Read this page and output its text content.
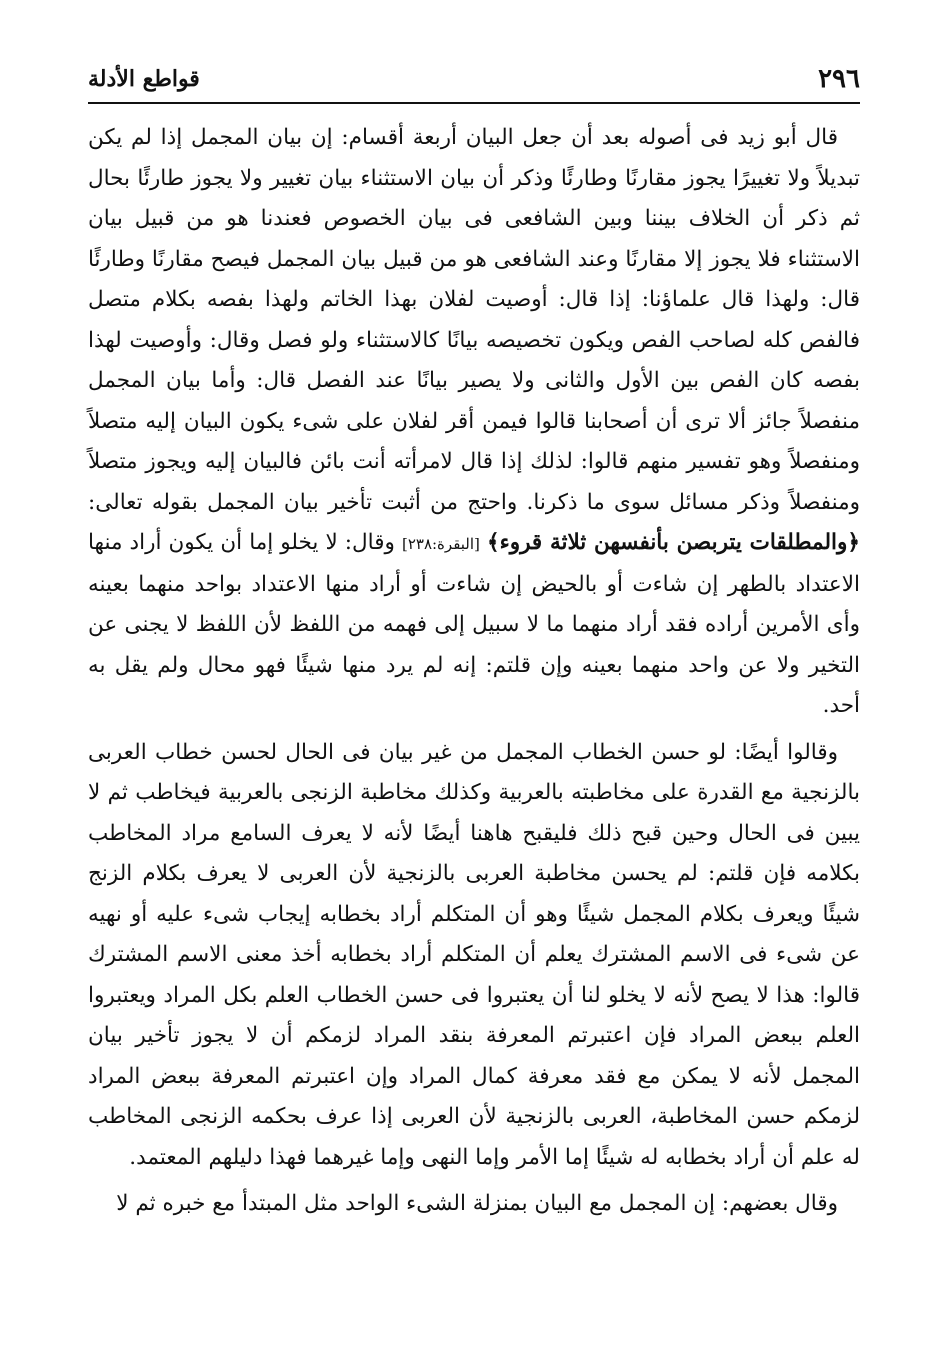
٢٩٦
قواطع الأدلة

قال أبو زيد فى أصوله بعد أن جعل البيان أربعة أقسام: إن بيان المجمل إذا لم يكن تبديلاً ولا تغييرًا يجوز مقارنًا وطارئًا وذكر أن بيان الاستثناء بيان تغيير ولا يجوز طارئًا بحال ثم ذكر أن الخلاف بيننا وبين الشافعى فى بيان الخصوص فعندنا هو من قبيل بيان الاستثناء فلا يجوز إلا مقارنًا وعند الشافعى هو من قبيل بيان المجمل فيصح مقارنًا وطارئًا قال: ولهذا قال علماؤنا: إذا قال: أوصيت لفلان بهذا الخاتم ولهذا بفصه بكلام متصل فالفص كله لصاحب الفص ويكون تخصيصه بيانًا كالاستثناء ولو فصل وقال: وأوصيت لهذا بفصه كان الفص بين الأول والثانى ولا يصير بيانًا عند الفصل قال: وأما بيان المجمل منفصلاً جائز ألا ترى أن أصحابنا قالوا فيمن أقر لفلان على شىء يكون البيان إليه متصلاً ومنفصلاً وهو تفسير منهم قالوا: لذلك إذا قال لامرأته أنت بائن فالبيان إليه ويجوز متصلاً ومنفصلاً وذكر مسائل سوى ما ذكرنا. واحتج من أثبت تأخير بيان المجمل بقوله تعالى: ﴿والمطلقات يتربصن بأنفسهن ثلاثة قروء﴾ [البقرة:٢٣٨] وقال: لا يخلو إما أن يكون أراد منها الاعتداد بالطهر إن شاءت أو بالحيض إن شاءت أو أراد منها الاعتداد بواحد منهما بعينه وأى الأمرين أراده فقد أراد منهما ما لا سبيل إلى فهمه من اللفظ لأن اللفظ لا يجنى عن التخير ولا عن واحد منهما بعينه وإن قلتم: إنه لم يرد منها شيئًا فهو محال ولم يقل به أحد.

وقالوا أيضًا: لو حسن الخطاب المجمل من غير بيان فى الحال لحسن خطاب العربى بالزنجية مع القدرة على مخاطبته بالعربية وكذلك مخاطبة الزنجى بالعربية فيخاطب ثم لا يبين فى الحال وحين قبح ذلك فليقبح هاهنا أيضًا لأنه لا يعرف السامع مراد المخاطب بكلامه فإن قلتم: لم يحسن مخاطبة العربى بالزنجية لأن العربى لا يعرف بكلام الزنج شيئًا ويعرف بكلام المجمل شيئًا وهو أن المتكلم أراد بخطابه إيجاب شىء عليه أو نهيه عن شىء فى الاسم المشترك يعلم أن المتكلم أراد بخطابه أخذ معنى الاسم المشترك قالوا: هذا لا يصح لأنه لا يخلو لنا أن يعتبروا فى حسن الخطاب العلم بكل المراد ويعتبروا العلم ببعض المراد فإن اعتبرتم المعرفة بنقد المراد لزمكم أن لا يجوز تأخير بيان المجمل لأنه لا يمكن مع فقد معرفة كمال المراد وإن اعتبرتم المعرفة ببعض المراد لزمكم حسن المخاطبة، العربى بالزنجية لأن العربى إذا عرف بحكمه الزنجى المخاطب له علم أن أراد بخطابه له شيئًا إما الأمر وإما النهى وإما غيرهما فهذا دليلهم المعتمد.

وقال بعضهم: إن المجمل مع البيان بمنزلة الشىء الواحد مثل المبتدأ مع خبره ثم لا
